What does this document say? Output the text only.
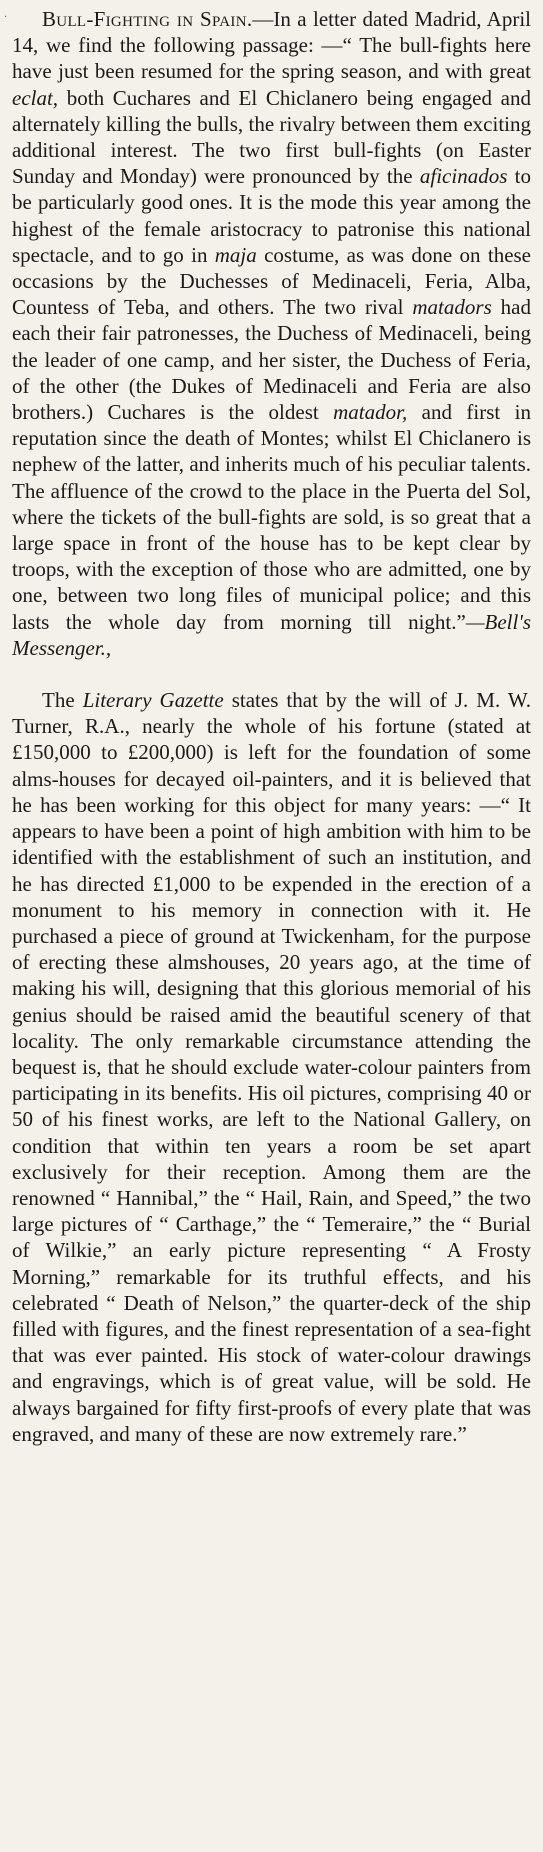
·	Bull-Fighting in Spain.—In a letter dated Madrid, April 14, we find the following passage: —“ The bull-fights here have just been resumed for the spring season, and with great eclat, both Cuchares and El Chiclanero being engaged and alternately killing the bulls, the rivalry between them exciting additional interest. The two first bull-fights (on Easter Sunday and Monday) were pronounced by the aficinados to be particularly good ones. It is the mode this year among the highest of the female aristocracy to patronise this national spectacle, and to go in maja costume, as was done on these occasions by the Duchesses of Medinaceli, Feria, Alba, Countess of Teba, and others. The two rival matadors had each their fair patronesses, the Duchess of Medinaceli, being the leader of one camp, and her sister, the Duchess of Feria, of the other (the Dukes of Medinaceli and Feria are also brothers.) Cuchares is the oldest matador, and first in reputation since the death of Montes; whilst El Chiclanero is nephew of the latter, and inherits much of his peculiar talents. The affluence of the crowd to the place in the Puerta del Sol, where the tickets of the bull-fights are sold, is so great that a large space in front of the house has to be kept clear by troops, with the exception of those who are admitted, one by one, between two long files of municipal police; and this lasts the whole day from morning till night.”—Bell's Messenger.,

The Literary Gazette states that by the will of J. M. W. Turner, R.A., nearly the whole of his fortune (stated at £150,000 to £200,000) is left for the foundation of some alms-houses for decayed oil-painters, and it is believed that he has been working for this object for many years: —“ It appears to have been a point of high ambition with him to be identified with the establishment of such an institution, and he has directed £1,000 to be expended in the erection of a monument to his memory in connection with it. He purchased a piece of ground at Twickenham, for the purpose of erecting these almshouses, 20 years ago, at the time of making his will, designing that this glorious memorial of his genius should be raised amid the beautiful scenery of that locality. The only remarkable circumstance attending the bequest is, that he should exclude water-colour painters from participating in its benefits. His oil pictures, comprising 40 or 50 of his finest works, are left to the National Gallery, on condition that within ten years a room be set apart exclusively for their reception. Among them are the renowned “ Hannibal,” the “ Hail, Rain, and Speed,” the two large pictures of “ Carthage,” the “ Temeraire,” the “ Burial of Wilkie,” an early picture representing “ A Frosty Morning,” remarkable for its truthful effects, and his celebrated “ Death of Nelson,” the quarter-deck of the ship filled with figures, and the finest representation of a sea-fight that was ever painted. His stock of water-colour drawings and engravings, which is of great value, will be sold. He always bargained for fifty first-proofs of every plate that was engraved, and many of these are now extremely rare.”
